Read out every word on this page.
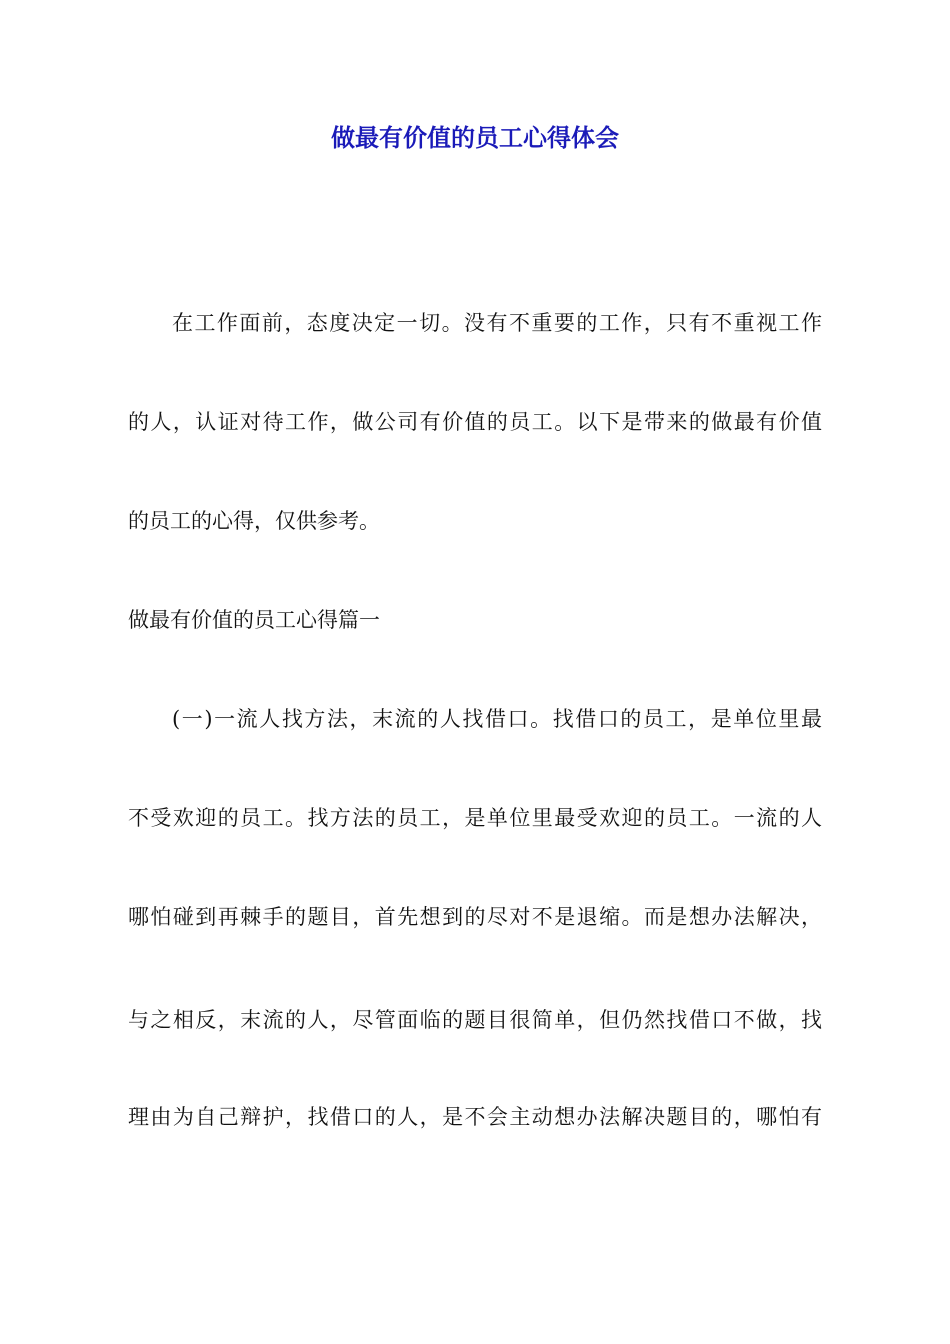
做最有价值的员工心得体会
在工作面前，态度决定一切。没有不重要的工作，只有不重视工作
的人，认证对待工作，做公司有价值的员工。以下是带来的做最有价值
的员工的心得，仅供参考。
做最有价值的员工心得篇一
(一)一流人找方法，末流的人找借口。找借口的员工，是单位里最
不受欢迎的员工。找方法的员工，是单位里最受欢迎的员工。一流的人
哪怕碰到再棘手的题目，首先想到的尽对不是退缩。而是想办法解决，
与之相反，末流的人，尽管面临的题目很简单，但仍然找借口不做，找
理由为自己辩护，找借口的人，是不会主动想办法解决题目的，哪怕有
